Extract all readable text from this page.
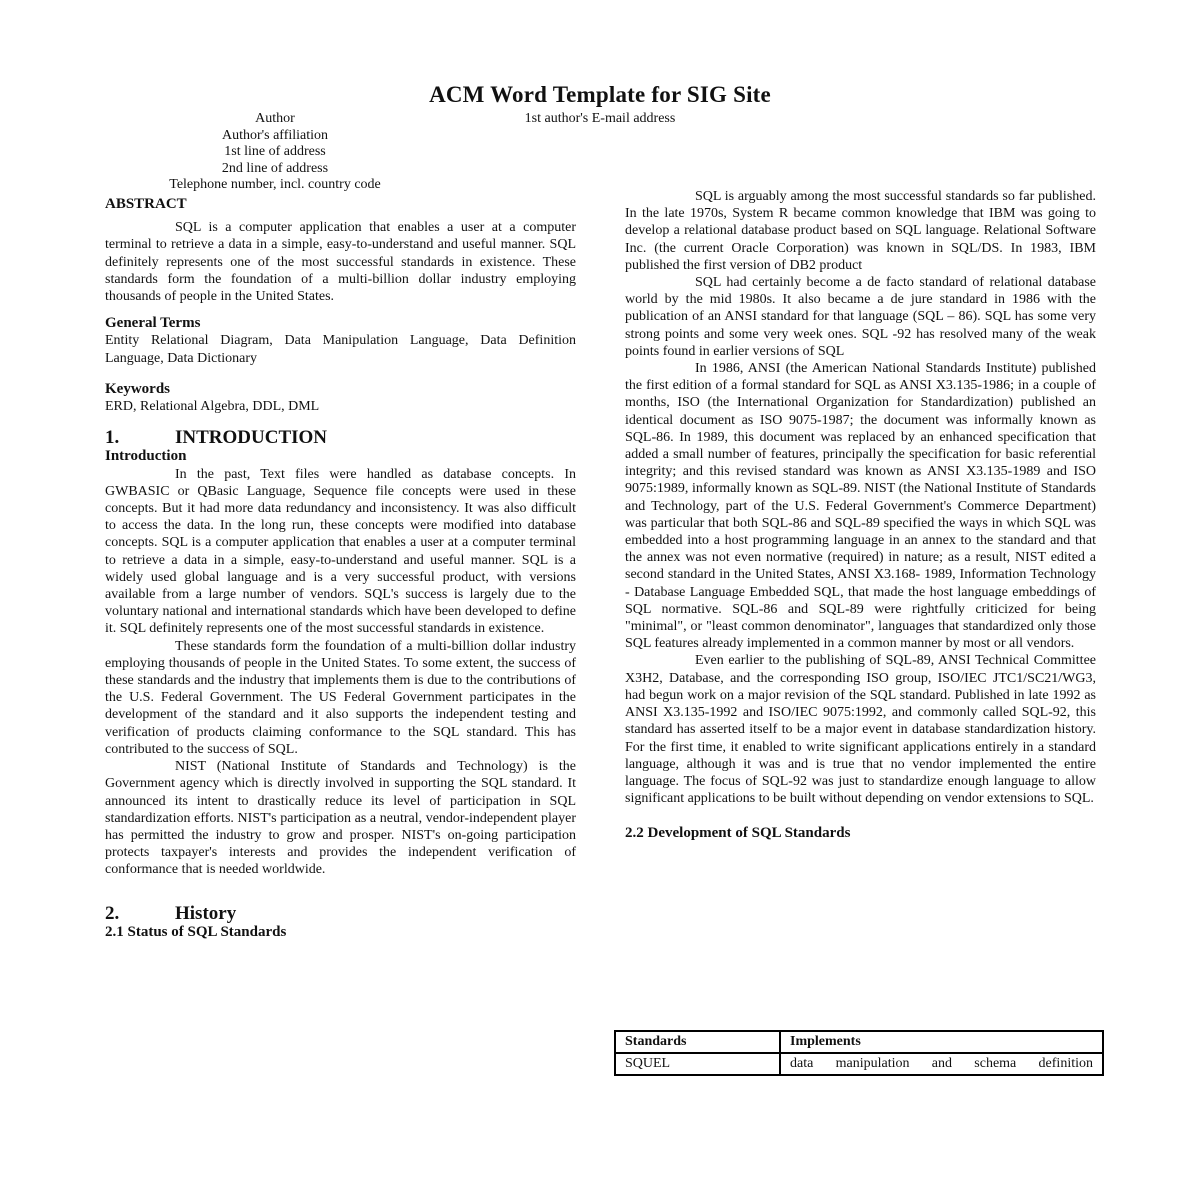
ACM Word Template for SIG Site
Author
Author's affiliation
1st line of address
2nd line of address
Telephone number, incl. country code
1st author's E-mail address
ABSTRACT

SQL is a computer application that enables a user at a computer terminal to retrieve a data in a simple, easy-to-understand and useful manner. SQL definitely represents one of the most successful standards in existence. These standards form the foundation of a multi-billion dollar industry employing thousands of people in the United States.

General Terms

Entity Relational Diagram, Data Manipulation Language, Data Definition Language, Data Dictionary

Keywords

ERD, Relational Algebra, DDL, DML

1.	INTRODUCTION
Introduction

In the past, Text files were handled as database concepts. In GWBASIC or QBasic Language, Sequence file concepts were used in these concepts. But it had more data redundancy and inconsistency. It was also difficult to access the data. In the long run, these concepts were modified into database concepts. SQL is a computer application that enables a user at a computer terminal to retrieve a data in a simple, easy-to-understand and useful manner. SQL is a widely used global language and is a very successful product, with versions available from a large number of vendors. SQL's success is largely due to the voluntary national and international standards which have been developed to define it. SQL definitely represents one of the most successful standards in existence.

These standards form the foundation of a multi-billion dollar industry employing thousands of people in the United States. To some extent, the success of these standards and the industry that implements them is due to the contributions of the U.S. Federal Government. The US Federal Government participates in the development of the standard and it also supports the independent testing and verification of products claiming conformance to the SQL standard. This has contributed to the success of SQL.

NIST (National Institute of Standards and Technology) is the Government agency which is directly involved in supporting the SQL standard. It announced its intent to drastically reduce its level of participation in SQL standardization efforts. NIST's participation as a neutral, vendor-independent player has permitted the industry to grow and prosper. NIST's on-going participation protects taxpayer's interests and provides the independent verification of conformance that is needed worldwide.

2.	History
2.1 Status of SQL Standards

SQL is arguably among the most successful standards so far published. In the late 1970s, System R became common knowledge that IBM was going to develop a relational database product based on SQL language. Relational Software Inc. (the current Oracle Corporation) was known in SQL/DS. In 1983, IBM published the first version of DB2 product

SQL had certainly become a de facto standard of relational database world by the mid 1980s. It also became a de jure standard in 1986 with the publication of an ANSI standard for that language (SQL – 86). SQL has some very strong points and some very week ones. SQL -92 has resolved many of the weak points found in earlier versions of SQL

In 1986, ANSI (the American National Standards Institute) published the first edition of a formal standard for SQL as ANSI X3.135-1986; in a couple of months, ISO (the International Organization for Standardization) published an identical document as ISO 9075-1987; the document was informally known as SQL-86. In 1989, this document was replaced by an enhanced specification that added a small number of features, principally the specification for basic referential integrity; and this revised standard was known as ANSI X3.135-1989 and ISO 9075:1989, informally known as SQL-89. NIST (the National Institute of Standards and Technology, part of the U.S. Federal Government's Commerce Department) was particular that both SQL-86 and SQL-89 specified the ways in which SQL was embedded into a host programming language in an annex to the standard and that the annex was not even normative (required) in nature; as a result, NIST edited a second standard in the United States, ANSI X3.168- 1989, Information Technology - Database Language Embedded SQL, that made the host language embeddings of SQL normative. SQL-86 and SQL-89 were rightfully criticized for being "minimal", or "least common denominator", languages that standardized only those SQL features already implemented in a common manner by most or all vendors.

Even earlier to the publishing of SQL-89, ANSI Technical Committee X3H2, Database, and the corresponding ISO group, ISO/IEC JTC1/SC21/WG3, had begun work on a major revision of the SQL standard. Published in late 1992 as ANSI X3.135-1992 and ISO/IEC 9075:1992, and commonly called SQL-92, this standard has asserted itself to be a major event in database standardization history. For the first time, it enabled to write significant applications entirely in a standard language, although it was and is true that no vendor implemented the entire language. The focus of SQL-92 was just to standardize enough language to allow significant applications to be built without depending on vendor extensions to SQL.

2.2 Development of SQL Standards
Standards	Implements
SQUEL	data manipulation and schema definition
